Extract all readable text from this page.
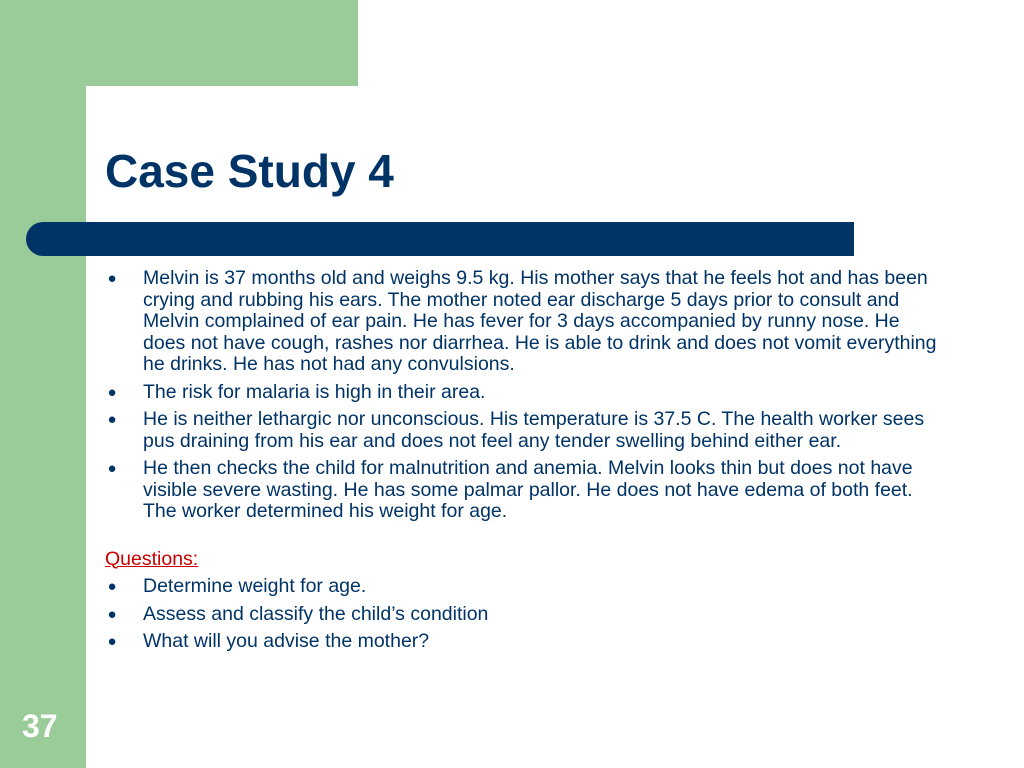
Case Study 4
● Melvin is 37 months old and weighs 9.5 kg. His mother says that he feels hot and has been crying and rubbing his ears. The mother noted ear discharge 5 days prior to consult and Melvin complained of ear pain. He has fever for 3 days accompanied by runny nose. He does not have cough, rashes nor diarrhea. He is able to drink and does not vomit everything he drinks. He has not had any convulsions.
● The risk for malaria is high in their area.
● He is neither lethargic nor unconscious. His temperature is 37.5 C. The health worker sees pus draining from his ear and does not feel any tender swelling behind either ear.
● He then checks the child for malnutrition and anemia. Melvin looks thin but does not have visible severe wasting. He has some palmar pallor. He does not have edema of both feet. The worker determined his weight for age.
Questions:
● Determine weight for age.
● Assess and classify the child’s condition
● What will you advise the mother?
37
